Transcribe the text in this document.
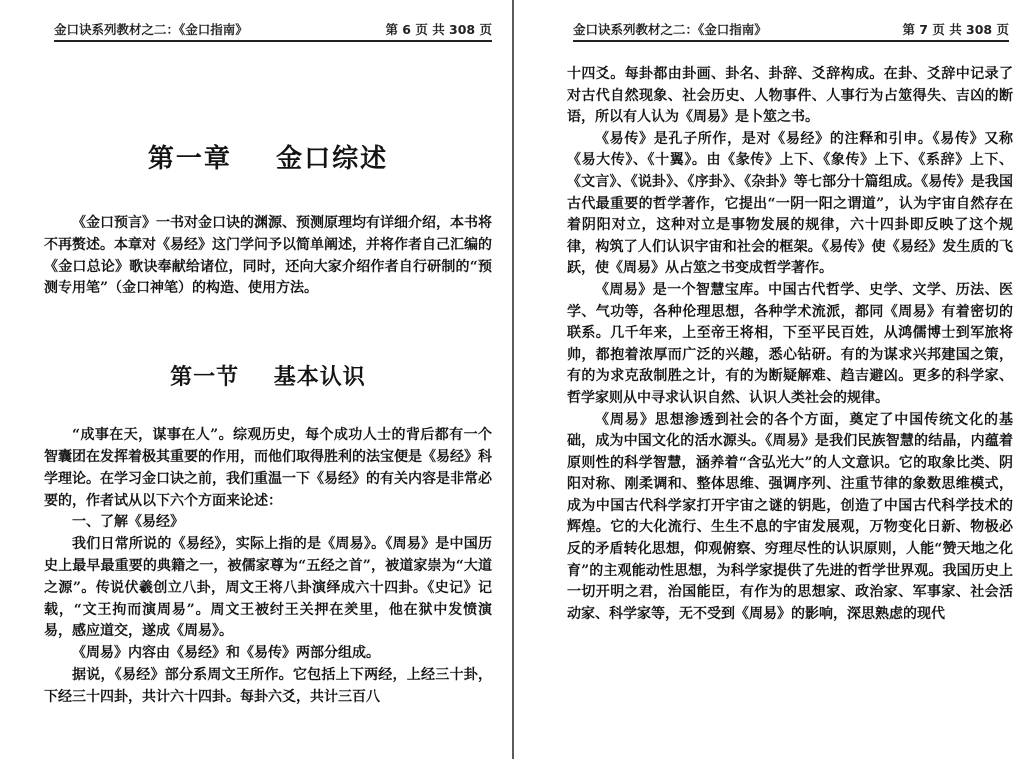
金口诀系列教材之二：《金口指南》	第 6 页 共 308 页
第一章    金口综述

《金口预言》一书对金口诀的渊源、预测原理均有详细介绍，本书将不再赘述。本章对《易经》这门学问予以简单阐述，并将作者自己汇编的《金口总论》歌诀奉献给诸位，同时，还向大家介绍作者自行研制的“预测专用笔”（金口神笔）的构造、使用方法。

第一节    基本认识

“成事在天，谋事在人”。综观历史，每个成功人士的背后都有一个智囊团在发挥着极其重要的作用，而他们取得胜利的法宝便是《易经》科学理论。在学习金口诀之前，我们重温一下《易经》的有关内容是非常必要的，作者试从以下六个方面来论述：

一、了解《易经》

我们日常所说的《易经》，实际上指的是《周易》。《周易》是中国历史上最早最重要的典籍之一，被儒家尊为“五经之首”，被道家崇为“大道之源”。传说伏羲创立八卦，周文王将八卦演绎成六十四卦。《史记》记载，“文王拘而演周易”。周文王被纣王关押在羑里，他在狱中发愤演易，感应道交，遂成《周易》。

《周易》内容由《易经》和《易传》两部分组成。

据说，《易经》部分系周文王所作。它包括上下两经，上经三十卦，下经三十四卦，共计六十四卦。每卦六爻，共计三百八

金口诀系列教材之二：《金口指南》	第 7 页 共 308 页

十四爻。每卦都由卦画、卦名、卦辞、爻辞构成。在卦、爻辞中记录了对古代自然现象、社会历史、人物事件、人事行为占筮得失、吉凶的断语，所以有人认为《周易》是卜筮之书。

《易传》是孔子所作，是对《易经》的注释和引申。《易传》又称《易大传》、《十翼》。由《彖传》上下、《象传》上下、《系辞》上下、《文言》、《说卦》、《序卦》、《杂卦》等七部分十篇组成。《易传》是我国古代最重要的哲学著作，它提出“一阴一阳之谓道”，认为宇宙自然存在着阴阳对立，这种对立是事物发展的规律，六十四卦即反映了这个规律，构筑了人们认识宇宙和社会的框架。《易传》使《易经》发生质的飞跃，使《周易》从占筮之书变成哲学著作。

《周易》是一个智慧宝库。中国古代哲学、史学、文学、历法、医学、气功等，各种伦理思想，各种学术流派，都同《周易》有着密切的联系。几千年来，上至帝王将相，下至平民百姓，从鸿儒博士到军旅将帅，都抱着浓厚而广泛的兴趣，悉心钻研。有的为谋求兴邦建国之策，有的为求克敌制胜之计，有的为断疑解难、趋吉避凶。更多的科学家、哲学家则从中寻求认识自然、认识人类社会的规律。

《周易》思想渗透到社会的各个方面，奠定了中国传统文化的基础，成为中国文化的活水源头。《周易》是我们民族智慧的结晶，内蕴着原则性的科学智慧，涵养着“含弘光大”的人文意识。它的取象比类、阴阳对称、刚柔调和、整体思维、强调序列、注重节律的象数思维模式，成为中国古代科学家打开宇宙之谜的钥匙，创造了中国古代科学技术的辉煌。它的大化流行、生生不息的宇宙发展观，万物变化日新、物极必反的矛盾转化思想，仰观俯察、穷理尽性的认识原则，人能“赞天地之化育”的主观能动性思想，为科学家提供了先进的哲学世界观。我国历史上一切开明之君，治国能臣，有作为的思想家、政治家、军事家、社会活动家、科学家等，无不受到《周易》的影响，深思熟虑的现代
